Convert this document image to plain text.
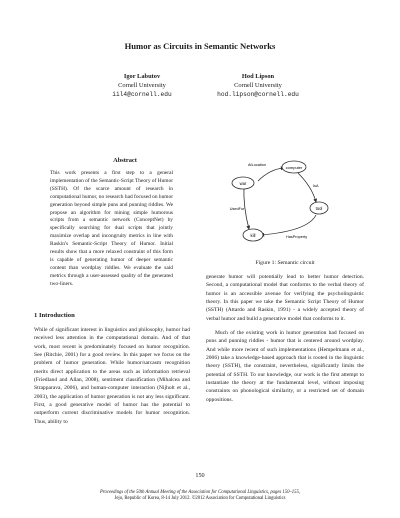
Humor as Circuits in Semantic Networks
Igor Labutov
Cornell University
iil4@cornell.edu
Hod Lipson
Cornell University
hod.lipson@cornell.edu
Abstract
This work presents a first step to a general implementation of the Semantic-Script Theory of Humor (SSTH). Of the scarce amount of research in computational humor, no research had focused on humor generation beyond simple puns and punning riddles. We propose an algorithm for mining simple humorous scripts from a semantic network (ConceptNet) by specifically searching for dual scripts that jointly maximize overlap and incongruity metrics in line with Raskin's Semantic-Script Theory of Humor. Initial results show that a more relaxed constraint of this form is capable of generating humor of deeper semantic content than wordplay riddles. We evaluate the said metrics through a user-assessed quality of the generated two-liners.
1 Introduction
While of significant interest in linguistics and philosophy, humor had received less attention in the computational domain. And of that work, most recent is predominately focused on humor recognition. See (Ritchie, 2001) for a good review. In this paper we focus on the problem of humor generation. While humor/sarcasm recognition merits direct application to the areas such as information retrieval (Friedland and Allan, 2008), sentiment classification (Mihalcea and Strapparava, 2006), and human-computer interaction (Nijholt et al., 2003), the application of humor generation is not any less significant. First, a good generative model of humor has the potential to outperform current discriminative models for humor recognition. Thus, ability to
war
computer
kill
tool
AtLocation
IsA
HasProperty
UsedFor
Figure 1: Semantic circuit

generate humor will potentially lead to better humor detection. Second, a computational model that conforms to the verbal theory of humor is an accessible avenue for verifying the psycholinguistic theory. In this paper we take the Semantic Script Theory of Humor (SSTH) (Attardo and Raskin, 1991) - a widely accepted theory of verbal humor and build a generative model that conforms to it.

Much of the existing work in humor generation had focused on puns and punning riddles - humor that is centered around wordplay. And while more recent of such implementations (Hempelmann et al., 2006) take a knowledge-based approach that is rooted in the linguistic theory (SSTH), the constraint, nevertheless, significantly limits the potential of SSTH. To our knowledge, our work is the first attempt to instantiate the theory at the fundamental level, without imposing constraints on phonological similarity, or a restricted set of domain oppositions.

150
Proceedings of the 50th Annual Meeting of the Association for Computational Linguistics, pages 150–155,
Jeju, Republic of Korea, 8-14 July 2012. ©2012 Association for Computational Linguistics
